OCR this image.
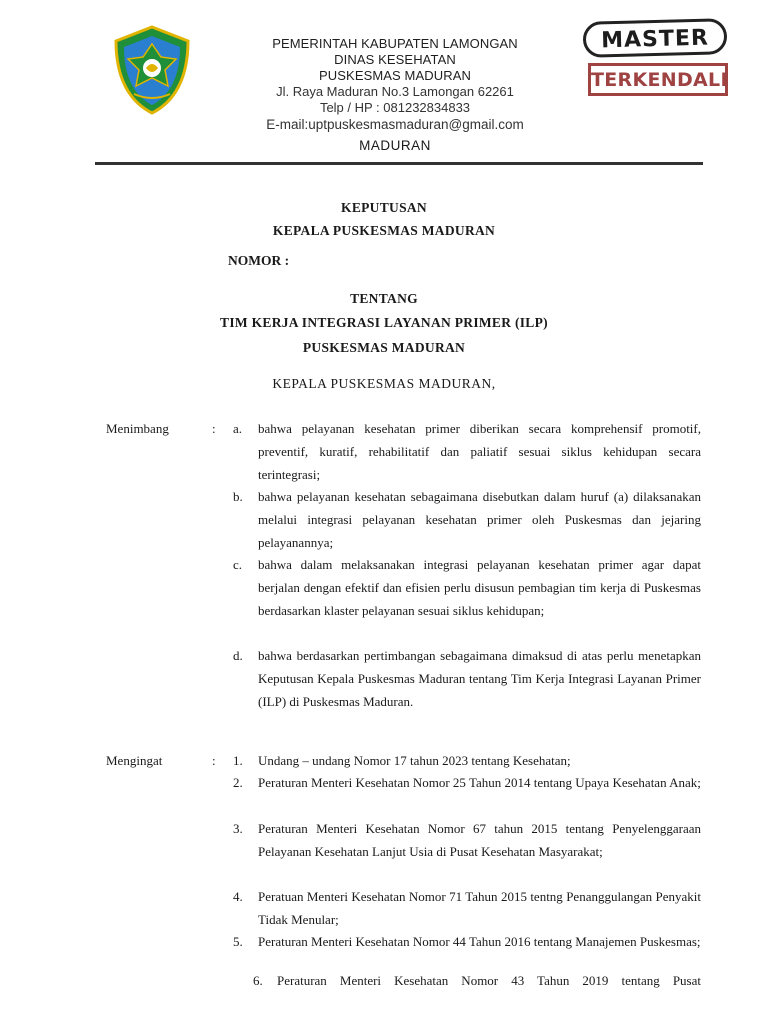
PEMERINTAH KABUPATEN LAMONGAN
DINAS KESEHATAN
PUSKESMAS MADURAN
Jl. Raya Maduran No.3 Lamongan 62261
Telp / HP : 081232834833
E-mail:uptpuskesmasmaduran@gmail.com
MADURAN
MASTER
TERKENDALI
KEPUTUSAN
KEPALA PUSKESMAS MADURAN
NOMOR :
TENTANG
TIM KERJA INTEGRASI LAYANAN PRIMER (ILP)
PUSKESMAS MADURAN
KEPALA PUSKESMAS MADURAN,
Menimbang	: a.	bahwa pelayanan kesehatan primer diberikan secara komprehensif promotif, preventif, kuratif, rehabilitatif dan paliatif sesuai siklus kehidupan secara terintegrasi;
b.	bahwa pelayanan kesehatan sebagaimana disebutkan dalam huruf (a) dilaksanakan melalui integrasi pelayanan kesehatan primer oleh Puskesmas dan jejaring pelayanannya;
c.	bahwa dalam melaksanakan integrasi pelayanan kesehatan primer agar dapat berjalan dengan efektif dan efisien perlu disusun pembagian tim kerja di Puskesmas berdasarkan klaster pelayanan sesuai siklus kehidupan;
d.	bahwa berdasarkan pertimbangan sebagaimana dimaksud di atas perlu menetapkan Keputusan Kepala Puskesmas Maduran tentang Tim Kerja Integrasi Layanan Primer (ILP) di Puskesmas Maduran.
Mengingat	: 1.	Undang – undang Nomor 17 tahun 2023 tentang Kesehatan;
2.	Peraturan Menteri Kesehatan Nomor 25 Tahun 2014 tentang Upaya Kesehatan Anak;
3.	Peraturan Menteri Kesehatan Nomor 67 tahun 2015 tentang Penyelenggaraan Pelayanan Kesehatan Lanjut Usia di Pusat Kesehatan Masyarakat;
4.	Peratuan Menteri Kesehatan Nomor 71 Tahun 2015 tentng Penanggulangan Penyakit Tidak Menular;
5.	Peraturan Menteri Kesehatan Nomor 44 Tahun 2016 tentang Manajemen Puskesmas;
6. Peraturan Menteri Kesehatan Nomor 43 Tahun 2019 tentang Pusat
